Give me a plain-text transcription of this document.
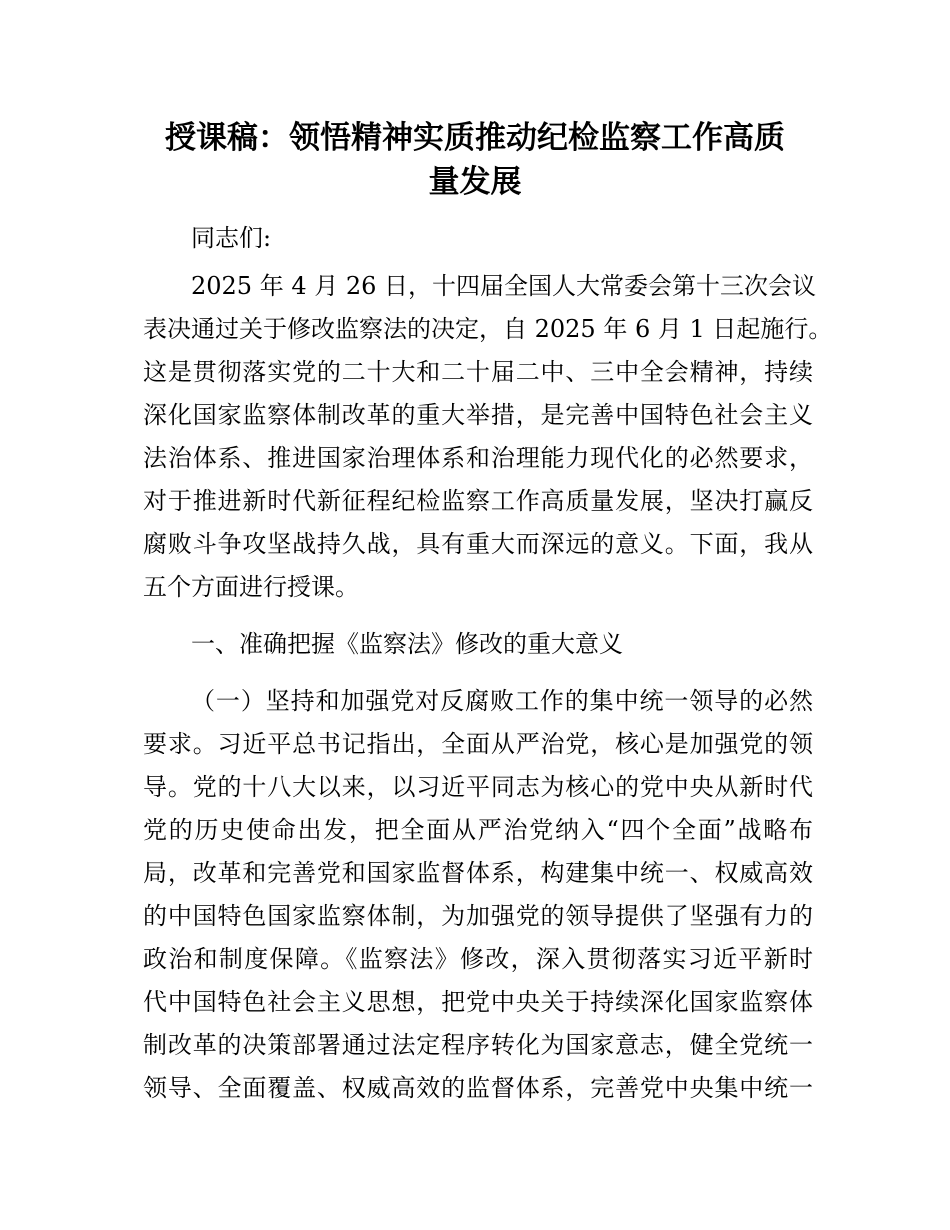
授课稿：领悟精神实质推动纪检监察工作高质
量发展
同志们:
2025 年 4 月 26 日，十四届全国人大常委会第十三次会议
表决通过关于修改监察法的决定，自 2025 年 6 月 1 日起施行。
这是贯彻落实党的二十大和二十届二中、三中全会精神，持续
深化国家监察体制改革的重大举措，是完善中国特色社会主义
法治体系、推进国家治理体系和治理能力现代化的必然要求，
对于推进新时代新征程纪检监察工作高质量发展，坚决打赢反
腐败斗争攻坚战持久战，具有重大而深远的意义。下面，我从
五个方面进行授课。
一、准确把握《监察法》修改的重大意义
（一）坚持和加强党对反腐败工作的集中统一领导的必然
要求。习近平总书记指出，全面从严治党，核心是加强党的领
导。党的十八大以来，以习近平同志为核心的党中央从新时代
党的历史使命出发，把全面从严治党纳入“四个全面”战略布
局，改革和完善党和国家监督体系，构建集中统一、权威高效
的中国特色国家监察体制，为加强党的领导提供了坚强有力的
政治和制度保障。《监察法》修改，深入贯彻落实习近平新时
代中国特色社会主义思想，把党中央关于持续深化国家监察体
制改革的决策部署通过法定程序转化为国家意志，健全党统一
领导、全面覆盖、权威高效的监督体系，完善党中央集中统一
